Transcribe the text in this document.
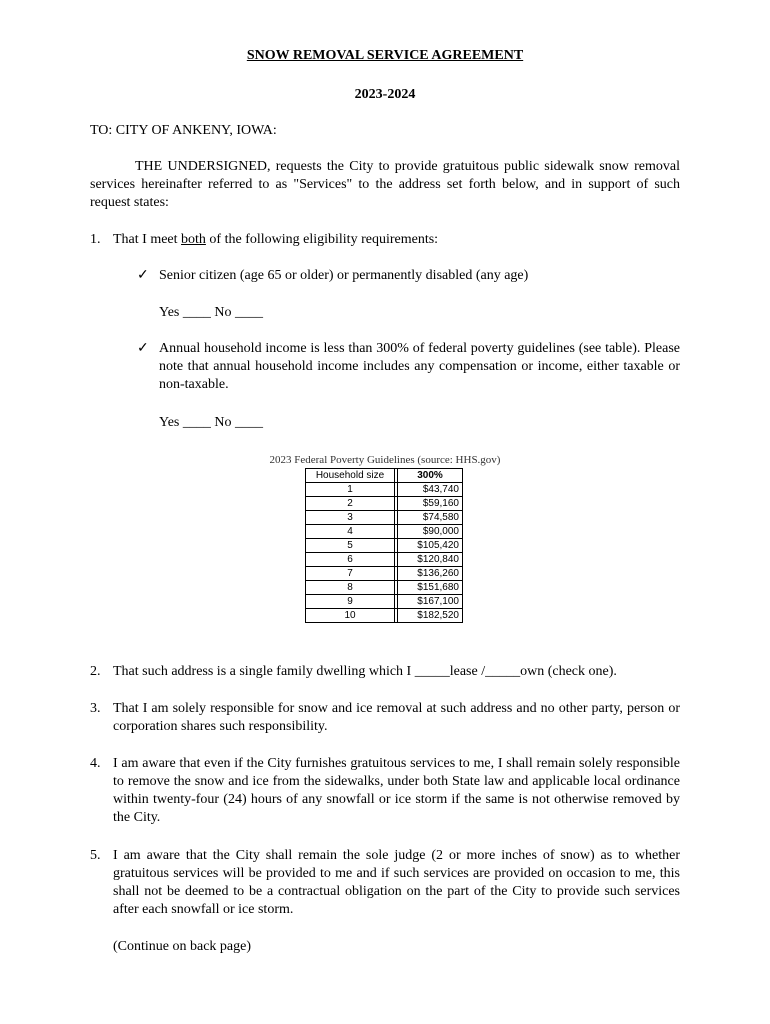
SNOW REMOVAL SERVICE AGREEMENT
2023-2024
TO: CITY OF ANKENY, IOWA:
THE UNDERSIGNED, requests the City to provide gratuitous public sidewalk snow removal services hereinafter referred to as "Services" to the address set forth below, and in support of such request states:
1. That I meet both of the following eligibility requirements:
✓ Senior citizen (age 65 or older) or permanently disabled (any age)
Yes ____ No ____
✓ Annual household income is less than 300% of federal poverty guidelines (see table). Please note that annual household income includes any compensation or income, either taxable or non-taxable.
Yes ____ No ____
2023 Federal Poverty Guidelines (source: HHS.gov)
Household size		300%
1		$43,740
2		$59,160
3		$74,580
4		$90,000
5		$105,420
6		$120,840
7		$136,260
8		$151,680
9		$167,100
10		$182,520
2. That such address is a single family dwelling which I _____lease /_____own (check one).
3. That I am solely responsible for snow and ice removal at such address and no other party, person or corporation shares such responsibility.
4. I am aware that even if the City furnishes gratuitous services to me, I shall remain solely responsible to remove the snow and ice from the sidewalks, under both State law and applicable local ordinance within twenty-four (24) hours of any snowfall or ice storm if the same is not otherwise removed by the City.
5. I am aware that the City shall remain the sole judge (2 or more inches of snow) as to whether gratuitous services will be provided to me and if such services are provided on occasion to me, this shall not be deemed to be a contractual obligation on the part of the City to provide such services after each snowfall or ice storm.
(Continue on back page)
